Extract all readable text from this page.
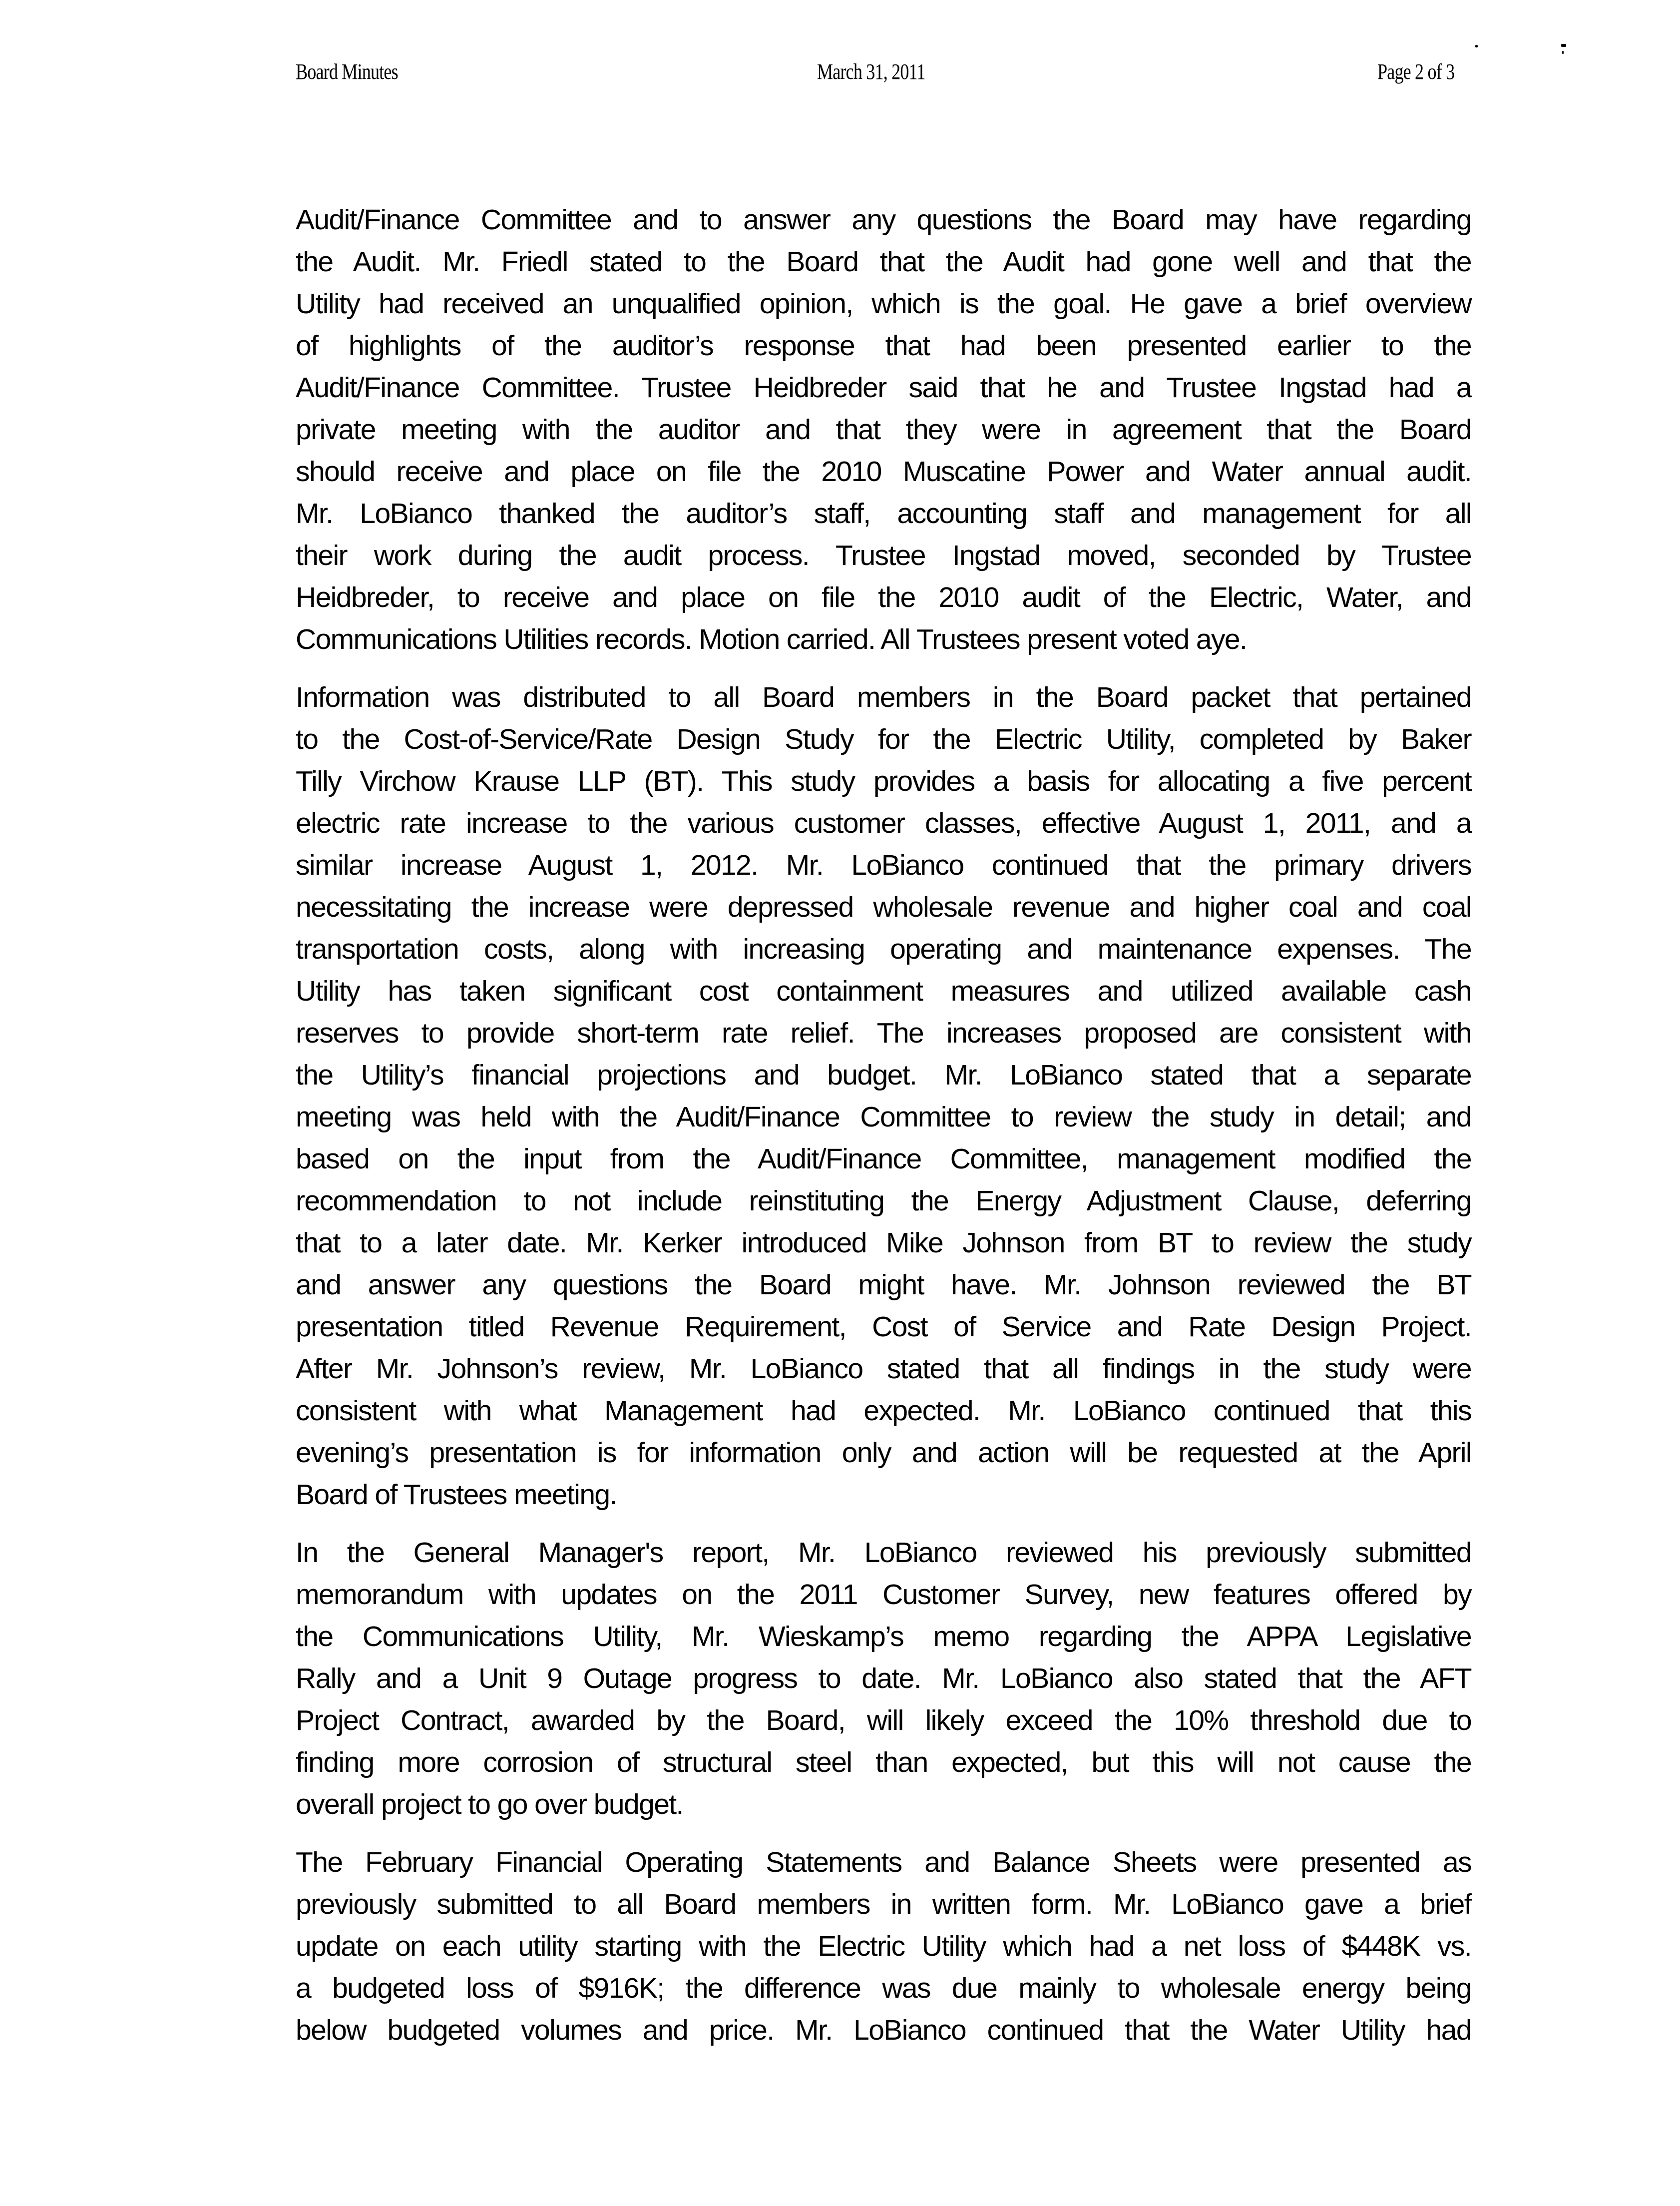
Board Minutes	March 31, 2011	Page 2 of 3
Audit/Finance Committee and to answer any questions the Board may have regarding
the Audit. Mr. Friedl stated to the Board that the Audit had gone well and that the
Utility had received an unqualified opinion, which is the goal. He gave a brief overview
of highlights of the auditor’s response that had been presented earlier to the
Audit/Finance Committee. Trustee Heidbreder said that he and Trustee Ingstad had a
private meeting with the auditor and that they were in agreement that the Board
should receive and place on file the 2010 Muscatine Power and Water annual audit.
Mr. LoBianco thanked the auditor’s staff, accounting staff and management for all
their work during the audit process. Trustee Ingstad moved, seconded by Trustee
Heidbreder, to receive and place on file the 2010 audit of the Electric, Water, and
Communications Utilities records. Motion carried. All Trustees present voted aye.
Information was distributed to all Board members in the Board packet that pertained
to the Cost-of-Service/Rate Design Study for the Electric Utility, completed by Baker
Tilly Virchow Krause LLP (BT). This study provides a basis for allocating a five percent
electric rate increase to the various customer classes, effective August 1, 2011, and a
similar increase August 1, 2012. Mr. LoBianco continued that the primary drivers
necessitating the increase were depressed wholesale revenue and higher coal and coal
transportation costs, along with increasing operating and maintenance expenses. The
Utility has taken significant cost containment measures and utilized available cash
reserves to provide short-term rate relief. The increases proposed are consistent with
the Utility’s financial projections and budget. Mr. LoBianco stated that a separate
meeting was held with the Audit/Finance Committee to review the study in detail; and
based on the input from the Audit/Finance Committee, management modified the
recommendation to not include reinstituting the Energy Adjustment Clause, deferring
that to a later date. Mr. Kerker introduced Mike Johnson from BT to review the study
and answer any questions the Board might have. Mr. Johnson reviewed the BT
presentation titled Revenue Requirement, Cost of Service and Rate Design Project.
After Mr. Johnson’s review, Mr. LoBianco stated that all findings in the study were
consistent with what Management had expected. Mr. LoBianco continued that this
evening’s presentation is for information only and action will be requested at the April
Board of Trustees meeting.
In the General Manager's report, Mr. LoBianco reviewed his previously submitted
memorandum with updates on the 2011 Customer Survey, new features offered by
the Communications Utility, Mr. Wieskamp’s memo regarding the APPA Legislative
Rally and a Unit 9 Outage progress to date. Mr. LoBianco also stated that the AFT
Project Contract, awarded by the Board, will likely exceed the 10% threshold due to
finding more corrosion of structural steel than expected, but this will not cause the
overall project to go over budget.
The February Financial Operating Statements and Balance Sheets were presented as
previously submitted to all Board members in written form. Mr. LoBianco gave a brief
update on each utility starting with the Electric Utility which had a net loss of $448K vs.
a budgeted loss of $916K; the difference was due mainly to wholesale energy being
below budgeted volumes and price. Mr. LoBianco continued that the Water Utility had
